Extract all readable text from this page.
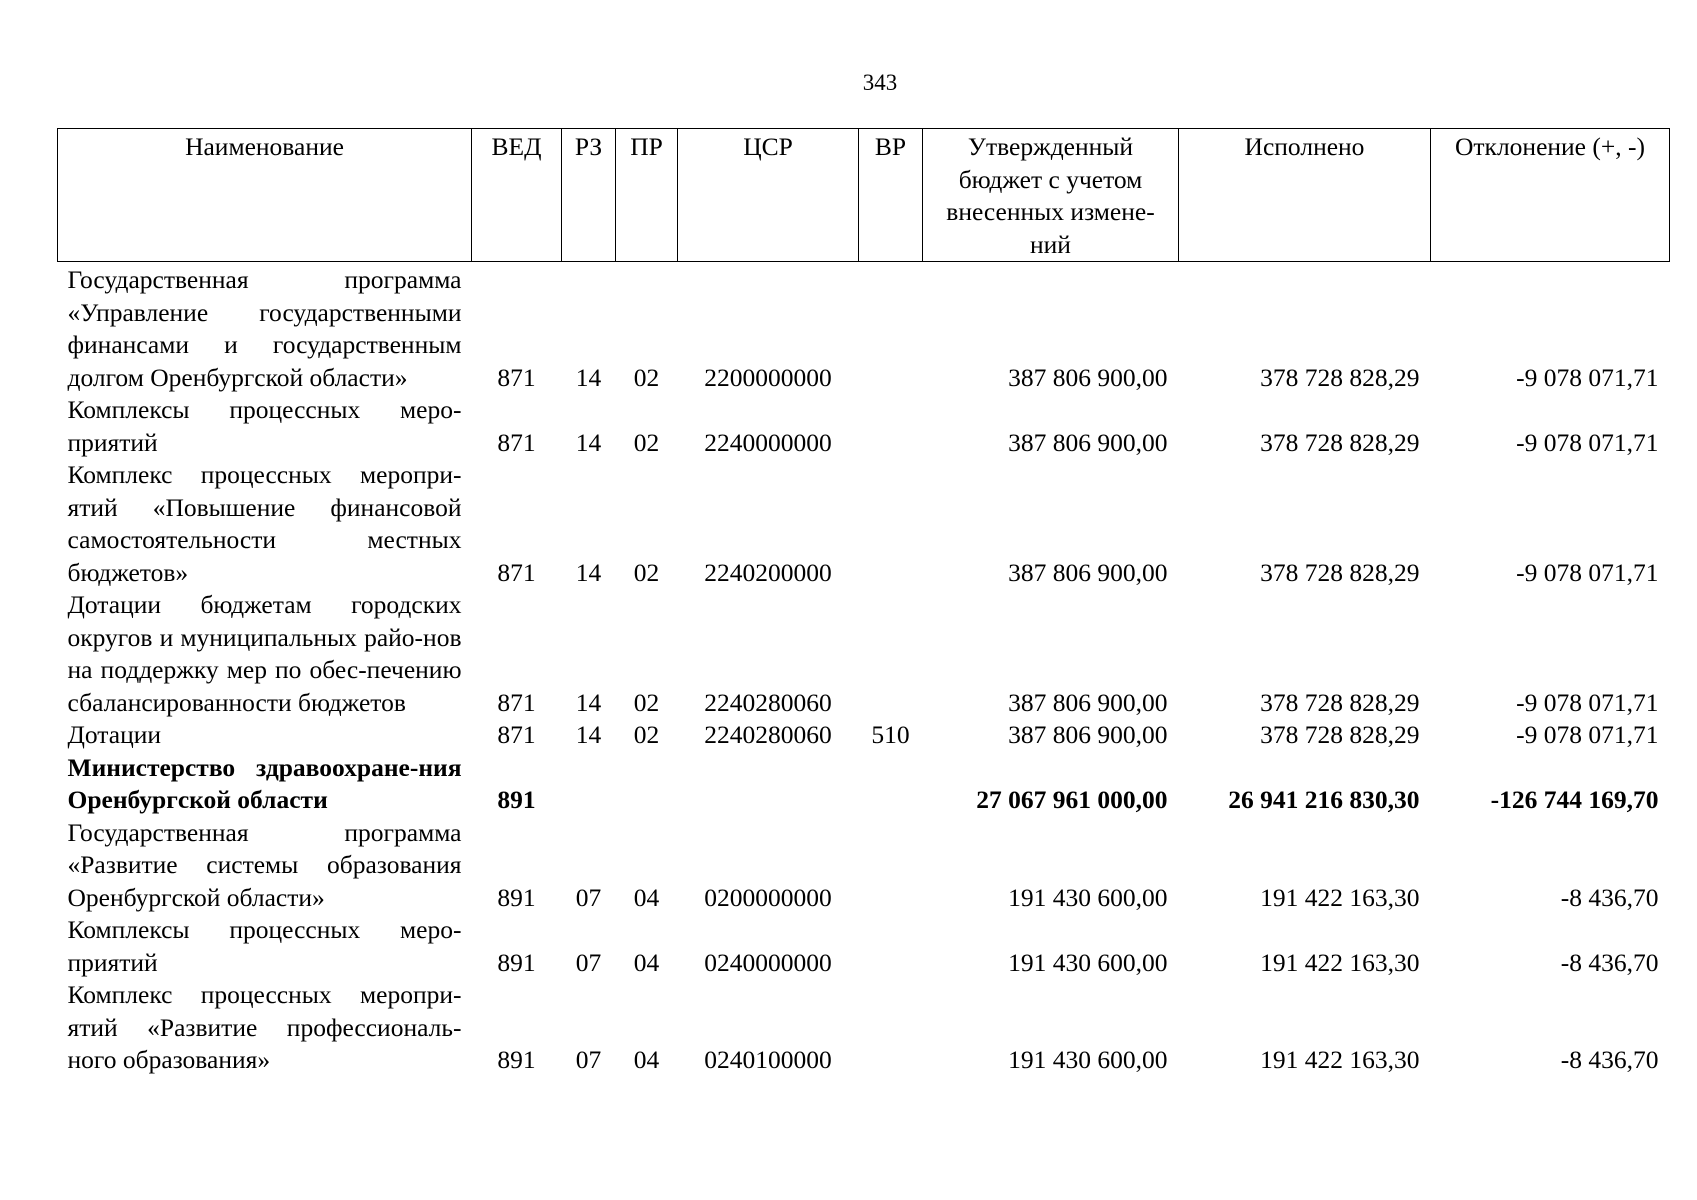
343
Наименование	ВЕД	РЗ	ПР	ЦСР	ВР	Утвержденный бюджет с учетом внесенных измене-ний	Исполнено	Отклонение (+, -)
Государственная программа «Управление государственными финансами и государственным долгом Оренбургской области»	871	14	02	2200000000		387 806 900,00	378 728 828,29	-9 078 071,71
Комплексы процессных меро-приятий	871	14	02	2240000000		387 806 900,00	378 728 828,29	-9 078 071,71
Комплекс процессных меропри-ятий «Повышение финансовой самостоятельности местных бюджетов»	871	14	02	2240200000		387 806 900,00	378 728 828,29	-9 078 071,71
Дотации бюджетам городских округов и муниципальных райо-нов на поддержку мер по обес-печению сбалансированности бюджетов	871	14	02	2240280060		387 806 900,00	378 728 828,29	-9 078 071,71
Дотации	871	14	02	2240280060	510	387 806 900,00	378 728 828,29	-9 078 071,71
Министерство здравоохране-ния Оренбургской области	891					27 067 961 000,00	26 941 216 830,30	-126 744 169,70
Государственная программа «Развитие системы образования Оренбургской области»	891	07	04	0200000000		191 430 600,00	191 422 163,30	-8 436,70
Комплексы процессных меро-приятий	891	07	04	0240000000		191 430 600,00	191 422 163,30	-8 436,70
Комплекс процессных меропри-ятий «Развитие профессиональ-ного образования»	891	07	04	0240100000		191 430 600,00	191 422 163,30	-8 436,70
